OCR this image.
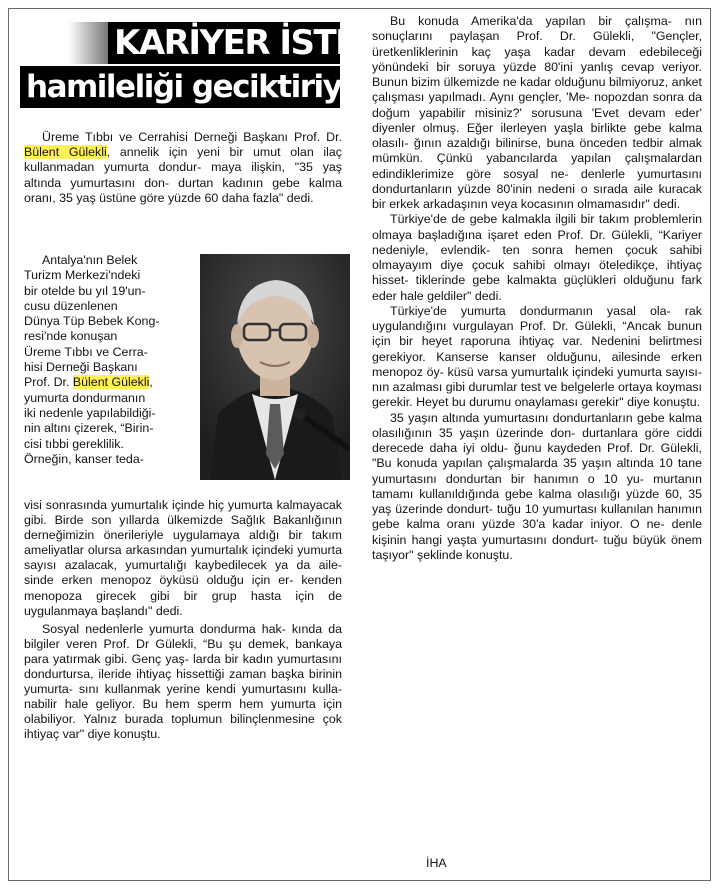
KARİYER İSTEĞİ
hamileliği geciktiriyor

Üreme Tıbbı ve Cerrahisi Derneği Başkanı Prof. Dr. Bülent Gülekli, annelik için yeni bir umut olan ilaç kullanmadan yumurta dondur- maya ilişkin, "35 yaş altında yumurtasını don- durtan kadının gebe kalma oranı, 35 yaş üstüne göre yüzde 60 daha fazla" dedi.

Antalya'nın Belek
Turizm Merkezi'ndeki
bir otelde bu yıl 19'un-
cusu düzenlenen
Dünya Tüp Bebek Kong-
resi'nde konuşan
Üreme Tıbbı ve Cerra-
hisi Derneği Başkanı
Prof. Dr. Bülent Gülekli,
yumurta dondurmanın
iki nedenle yapılabildiği-
nin altını çizerek, “Birin-
cisi tıbbi gereklilik.
Örneğin, kanser teda-

visi sonrasında yumurtalık içinde hiç yumurta kalmayacak gibi. Birde son yıllarda ülkemizde Sağlık Bakanlığının derneğimizin önerileriyle uygulamaya aldığı bir takım ameliyatlar olursa arkasından yumurtalık içindeki yumurta sayısı azalacak, yumurtalığı kaybedilecek ya da aile- sinde erken menopoz öyküsü olduğu için er- kenden menopoza girecek gibi bir grup hasta için de uygulanmaya başlandı" dedi.

Sosyal nedenlerle yumurta dondurma hak- kında da bilgiler veren Prof. Dr Gülekli, “Bu şu demek, bankaya para yatırmak gibi. Genç yaş- larda bir kadın yumurtasını dondurtursa, ileride ihtiyaç hissettiği zaman başka birinin yumurta- sını kullanmak yerine kendi yumurtasını kulla- nabilir hale geliyor. Bu hem sperm hem yumurta için olabiliyor. Yalnız burada toplumun bilinçlenmesine çok ihtiyaç var" diye konuştu.

Bu konuda Amerika'da yapılan bir çalışma- nın sonuçlarını paylaşan Prof. Dr. Gülekli, "Gençler, üretkenliklerinin kaç yaşa kadar devam edebileceği yönündeki bir soruya yüzde 80'ini yanlış cevap veriyor. Bunun bizim ülkemizde ne kadar olduğunu bilmiyoruz, anket çalışması yapılmadı. Aynı gençler, 'Me- nopozdan sonra da doğum yapabilir misiniz?' sorusuna 'Evet devam eder' diyenler olmuş. Eğer ilerleyen yaşla birlikte gebe kalma olasılı- ğının azaldığı bilinirse, buna önceden tedbir almak mümkün. Çünkü yabancılarda yapılan çalışmalardan edindiklerimize göre sosyal ne- denlerle yumurtasını dondurtanların yüzde 80'inin nedeni o sırada aile kuracak bir erkek arkadaşının veya kocasının olmamasıdır" dedi.

Türkiye'de de gebe kalmakla ilgili bir takım problemlerin olmaya başladığına işaret eden Prof. Dr. Gülekli, “Kariyer nedeniyle, evlendik- ten sonra hemen çocuk sahibi olmayayım diye çocuk sahibi olmayı öteledikçe, ihtiyaç hisset- tiklerinde gebe kalmakta güçlükleri olduğunu fark eder hale geldiler" dedi.

Türkiye'de yumurta dondurmanın yasal ola- rak uygulandığını vurgulayan Prof. Dr. Gülekli, “Ancak bunun için bir heyet raporuna ihtiyaç var. Nedenini belirtmesi gerekiyor. Kanserse kanser olduğunu, ailesinde erken menopoz öy- küsü varsa yumurtalık içindeki yumurta sayısı- nın azalması gibi durumlar test ve belgelerle ortaya koyması gerekir. Heyet bu durumu onaylaması gerekir" diye konuştu.

35 yaşın altında yumurtasını dondurtanların gebe kalma olasılığının 35 yaşın üzerinde don- durtanlara göre ciddi derecede daha iyi oldu- ğunu kaydeden Prof. Dr. Gülekli, "Bu konuda yapılan çalışmalarda 35 yaşın altında 10 tane yumurtasını dondurtan bir hanımın o 10 yu- murtanın tamamı kullanıldığında gebe kalma olasılığı yüzde 60, 35 yaş üzerinde dondurt- tuğu 10 yumurtası kullanılan hanımın gebe kalma oranı yüzde 30'a kadar iniyor. O ne- denle kişinin hangi yaşta yumurtasını dondurt- tuğu büyük önem taşıyor" şeklinde konuştu.

İHA
